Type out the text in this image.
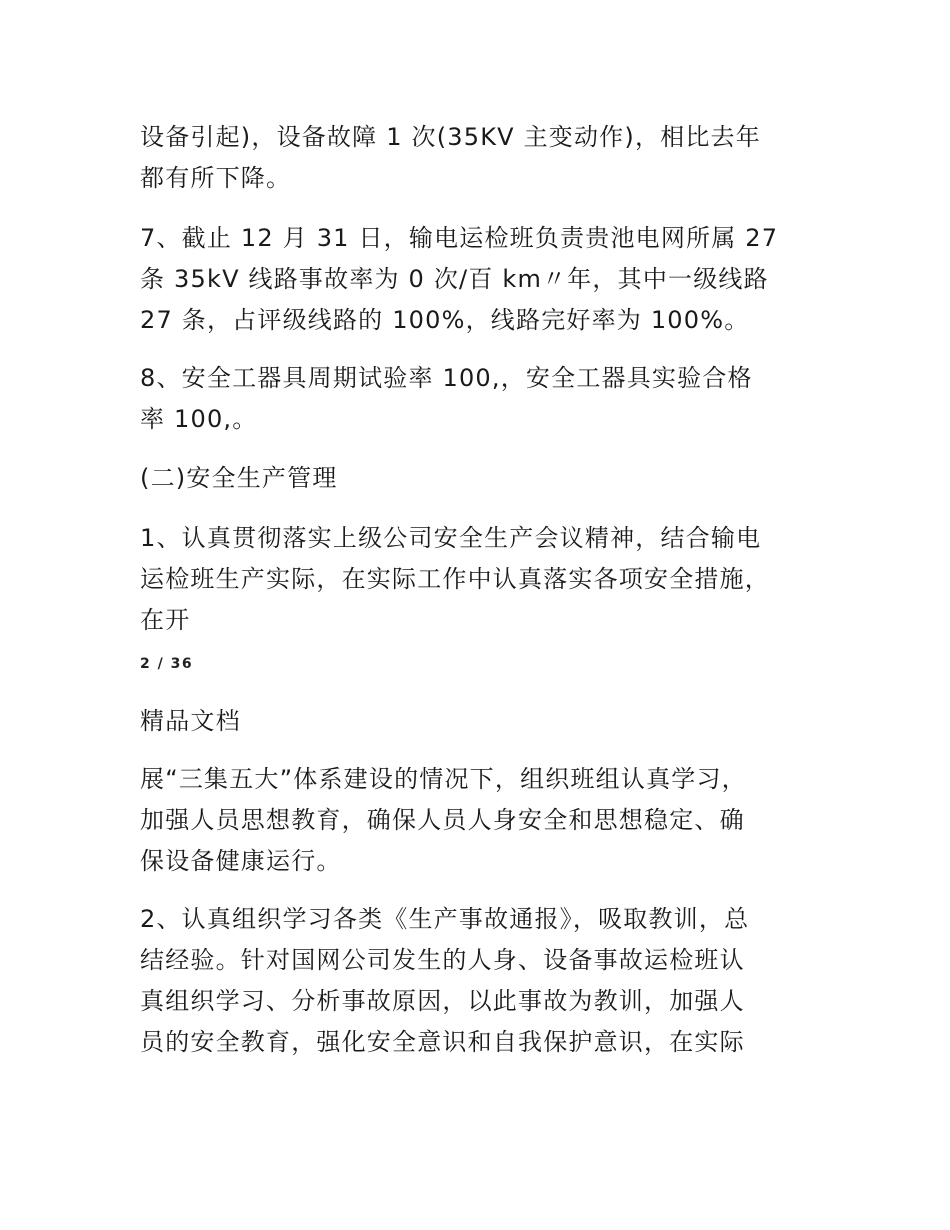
设备引起)，设备故障 1 次(35KV 主变动作)，相比去年
都有所下降。

7、截止 12 月 31 日，输电运检班负责贵池电网所属 27
条 35kV 线路事故率为 0 次/百 km〃年，其中一级线路
27 条，占评级线路的 100%，线路完好率为 100%。

8、安全工器具周期试验率 100,，安全工器具实验合格
率 100,。

(二)安全生产管理

1、认真贯彻落实上级公司安全生产会议精神，结合输电
运检班生产实际，在实际工作中认真落实各项安全措施，
在开

2 / 36
精品文档

展“三集五大”体系建设的情况下，组织班组认真学习，
加强人员思想教育，确保人员人身安全和思想稳定、确
保设备健康运行。

2、认真组织学习各类《生产事故通报》，吸取教训，总
结经验。针对国网公司发生的人身、设备事故运检班认
真组织学习、分析事故原因，以此事故为教训，加强人
员的安全教育，强化安全意识和自我保护意识，在实际
